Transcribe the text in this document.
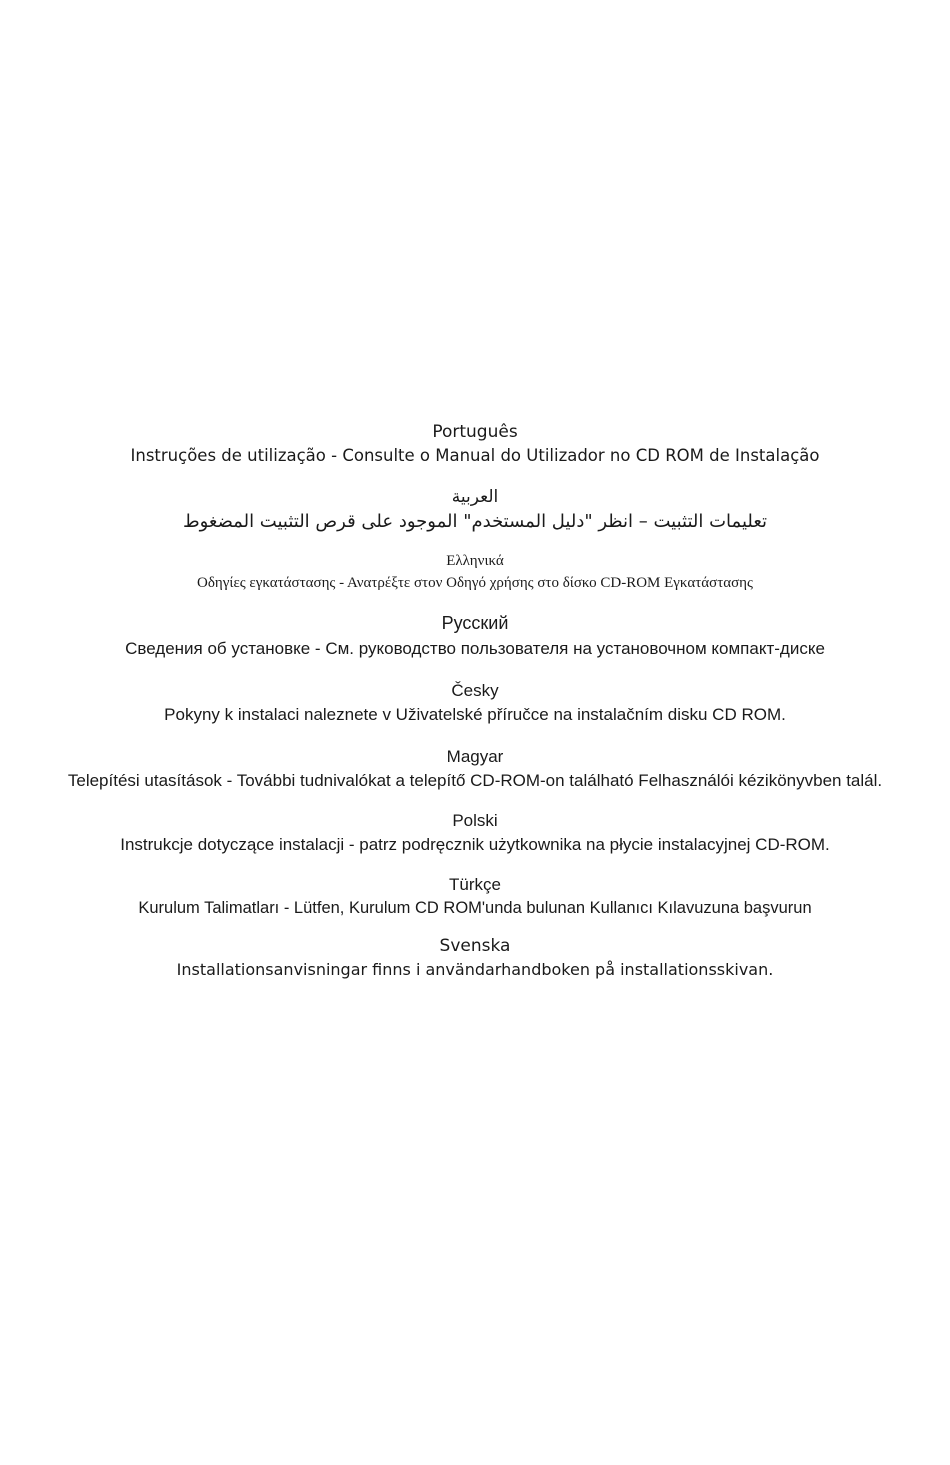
Português
Instruções de utilização - Consulte o Manual do Utilizador no CD ROM de Instalação
العربية
تعليمات التثبيت – انظر "دليل المستخدم" الموجود على قرص التثبيت المضغوط
Ελληνικά
Οδηγίες εγκατάστασης - Ανατρέξτε στον Οδηγό χρήσης στο δίσκο CD-ROM Εγκατάστασης
Русский
Сведения об установке - См. руководство пользователя на установочном компакт-диске
Česky
Pokyny k instalaci naleznete v Uživatelské příručce na instalačním disku CD ROM.
Magyar
Telepítési utasítások - További tudnivalókat a telepítő CD-ROM-on található Felhasználói kézikönyvben talál.
Polski
Instrukcje dotyczące instalacji - patrz podręcznik użytkownika na płycie instalacyjnej CD-ROM.
Türkçe
Kurulum Talimatları - Lütfen, Kurulum CD ROM'unda bulunan Kullanıcı Kılavuzuna başvurun
Svenska
Installationsanvisningar finns i användarhandboken på installationsskivan.
